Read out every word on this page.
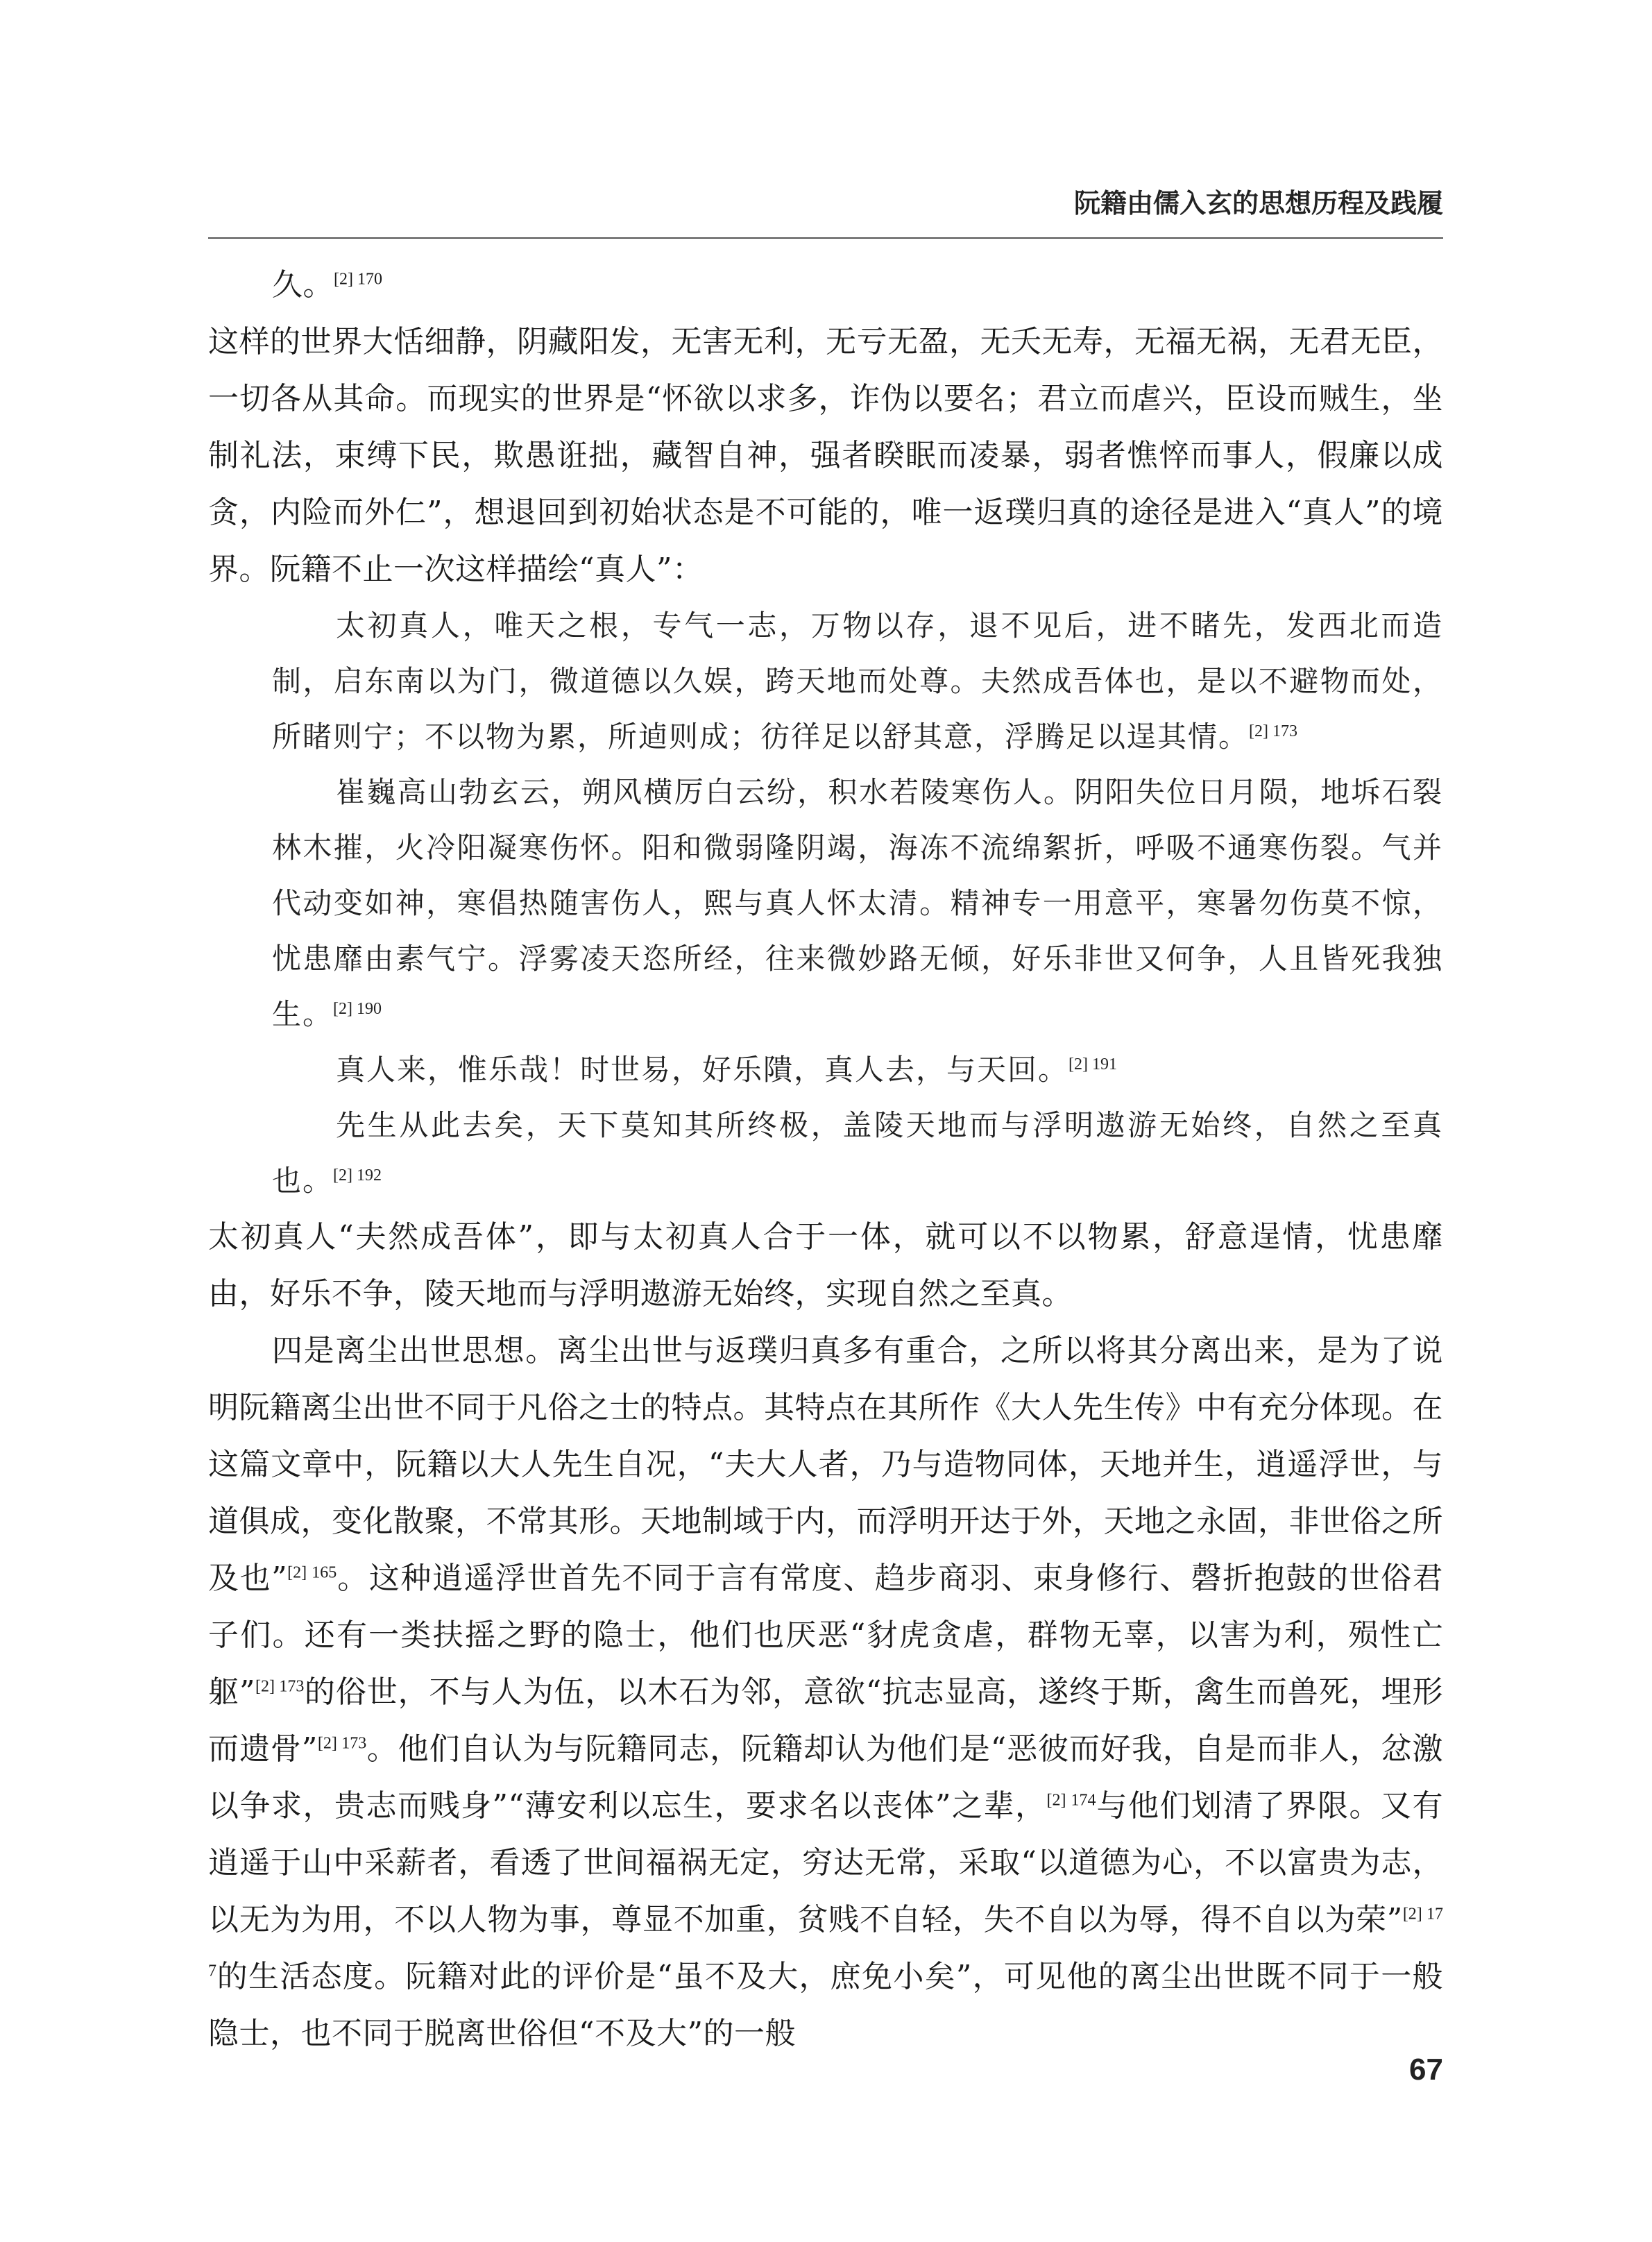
阮籍由儒入玄的思想历程及践履

久。$^{[2] 170}$

这样的世界大恬细静，阴藏阳发，无害无利，无亏无盈，无夭无寿，无福无祸，无君无臣，一切各从其命。而现实的世界是“怀欲以求多，诈伪以要名；君立而虐兴，臣设而贼生，坐制礼法，束缚下民，欺愚诳拙，藏智自神，强者睽眠而凌暴，弱者憔悴而事人，假廉以成贪，内险而外仁”，想退回到初始状态是不可能的，唯一返璞归真的途径是进入“真人”的境界。阮籍不止一次这样描绘“真人”：

太初真人，唯天之根，专气一志，万物以存，退不见后，进不睹先，发西北而造制，启东南以为门，微道德以久娱，跨天地而处尊。夫然成吾体也，是以不避物而处，所睹则宁；不以物为累，所逌则成；彷徉足以舒其意，浮腾足以逞其情。$^{[2] 173}$

崔巍高山勃玄云，朔风横厉白云纷，积水若陵寒伤人。阴阳失位日月陨，地坼石裂林木摧，火冷阳凝寒伤怀。阳和微弱隆阴竭，海冻不流绵絮折，呼吸不通寒伤裂。气并代动变如神，寒倡热随害伤人，熙与真人怀太清。精神专一用意平，寒暑勿伤莫不惊，忧患靡由素气宁。浮雾凌天恣所经，往来微妙路无倾，好乐非世又何争，人且皆死我独生。$^{[2] 190}$

真人来，惟乐哉！时世易，好乐隤，真人去，与天回。$^{[2] 191}$

先生从此去矣，天下莫知其所终极，盖陵天地而与浮明遨游无始终，自然之至真也。$^{[2] 192}$

太初真人“夫然成吾体”，即与太初真人合于一体，就可以不以物累，舒意逞情，忧患靡由，好乐不争，陵天地而与浮明遨游无始终，实现自然之至真。

四是离尘出世思想。离尘出世与返璞归真多有重合，之所以将其分离出来，是为了说明阮籍离尘出世不同于凡俗之士的特点。其特点在其所作《大人先生传》中有充分体现。在这篇文章中，阮籍以大人先生自况，“夫大人者，乃与造物同体，天地并生，逍遥浮世，与道俱成，变化散聚，不常其形。天地制域于内，而浮明开达于外，天地之永固，非世俗之所及也”$^{[2] 165}$。这种逍遥浮世首先不同于言有常度、趋步商羽、束身修行、磬折抱鼓的世俗君子们。还有一类扶摇之野的隐士，他们也厌恶“豺虎贪虐，群物无辜，以害为利，殒性亡躯”$^{[2] 173}$的俗世，不与人为伍，以木石为邻，意欲“抗志显高，遂终于斯，禽生而兽死，埋形而遗骨”$^{[2] 173}$。他们自认为与阮籍同志，阮籍却认为他们是“恶彼而好我，自是而非人，忿激以争求，贵志而贱身”“薄安利以忘生，要求名以丧体”之辈，$^{[2] 174}$与他们划清了界限。又有逍遥于山中采薪者，看透了世间福祸无定，穷达无常，采取“以道德为心，不以富贵为志，以无为为用，不以人物为事，尊显不加重，贫贱不自轻，失不自以为辱，得不自以为荣”$^{[2] 177}$的生活态度。阮籍对此的评价是“虽不及大，庶免小矣”，可见他的离尘出世既不同于一般隐士，也不同于脱离世俗但“不及大”的一般

67
